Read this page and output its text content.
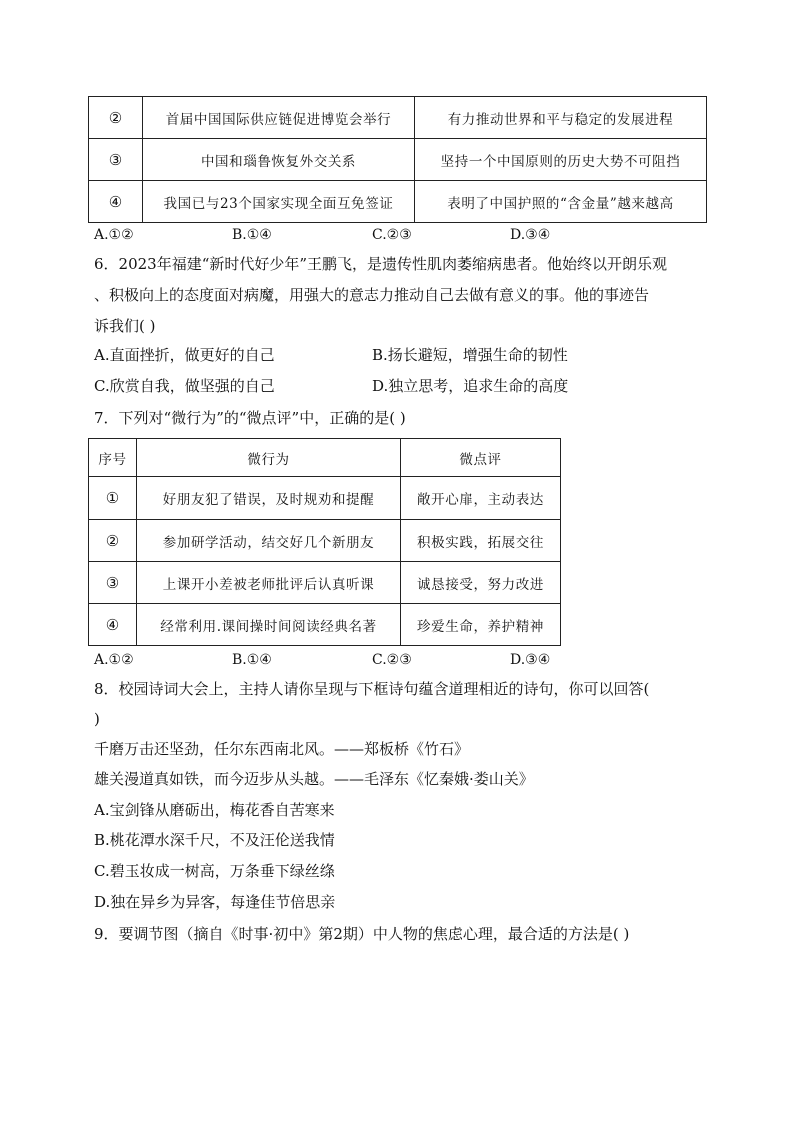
②	首届中国国际供应链促进博览会举行	有力推动世界和平与稳定的发展进程
③	中国和瑙鲁恢复外交关系	坚持一个中国原则的历史大势不可阻挡
④	我国已与23个国家实现全面互免签证	表明了中国护照的“含金量”越来越高
A.①②	B.①④	C.②③	D.③④
6．2023年福建“新时代好少年”王鹏飞，是遗传性肌肉萎缩病患者。他始终以开朗乐观
、积极向上的态度面对病魔，用强大的意志力推动自己去做有意义的事。他的事迹告
诉我们( )
A.直面挫折，做更好的自己	B.扬长避短，增强生命的韧性
C.欣赏自我，做坚强的自己	D.独立思考，追求生命的高度
7．下列对“微行为”的“微点评”中，正确的是( )
序号	微行为	微点评
①	好朋友犯了错误，及时规劝和提醒	敞开心扉，主动表达
②	参加研学活动，结交好几个新朋友	积极实践，拓展交往
③	上课开小差被老师批评后认真听课	诚恳接受，努力改进
④	经常利用.课间操时间阅读经典名著	珍爱生命，养护精神
A.①②	B.①④	C.②③	D.③④
8．校园诗词大会上，主持人请你呈现与下框诗句蕴含道理相近的诗句，你可以回答(
)
千磨万击还坚劲，任尔东西南北风。——郑板桥《竹石》
雄关漫道真如铁，而今迈步从头越。——毛泽东《忆秦娥·娄山关》
A.宝剑锋从磨砺出，梅花香自苦寒来
B.桃花潭水深千尺，不及汪伦送我情
C.碧玉妆成一树高，万条垂下绿丝绦
D.独在异乡为异客，每逢佳节倍思亲
9．要调节图（摘自《时事·初中》第2期）中人物的焦虑心理，最合适的方法是( )
